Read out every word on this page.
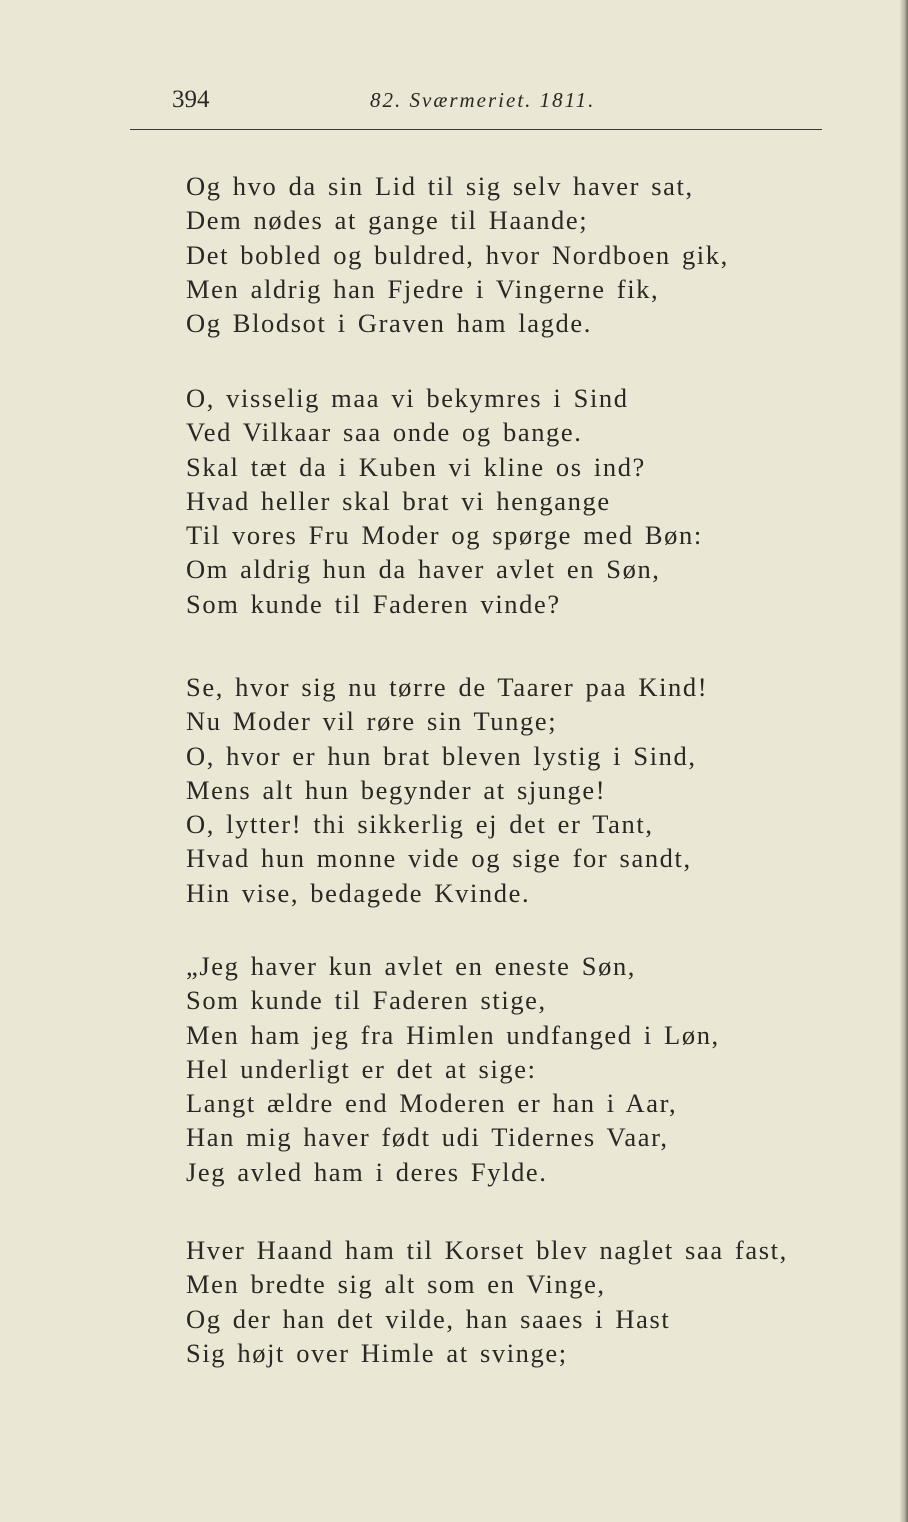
394	82. Sværmeriet. 1811.
Og hvo da sin Lid til sig selv haver sat,
Dem nødes at gange til Haande;
Det bobled og buldred, hvor Nordboen gik,
Men aldrig han Fjedre i Vingerne fik,
Og Blodsot i Graven ham lagde.
O, visselig maa vi bekymres i Sind
Ved Vilkaar saa onde og bange.
Skal tæt da i Kuben vi kline os ind?
Hvad heller skal brat vi hengange
Til vores Fru Moder og spørge med Bøn:
Om aldrig hun da haver avlet en Søn,
Som kunde til Faderen vinde?
Se, hvor sig nu tørre de Taarer paa Kind!
Nu Moder vil røre sin Tunge;
O, hvor er hun brat bleven lystig i Sind,
Mens alt hun begynder at sjunge!
O, lytter! thi sikkerlig ej det er Tant,
Hvad hun monne vide og sige for sandt,
Hin vise, bedagede Kvinde.
„Jeg haver kun avlet en eneste Søn,
Som kunde til Faderen stige,
Men ham jeg fra Himlen undfanged i Løn,
Hel underligt er det at sige:
Langt ældre end Moderen er han i Aar,
Han mig haver født udi Tidernes Vaar,
Jeg avled ham i deres Fylde.
Hver Haand ham til Korset blev naglet saa fast,
Men bredte sig alt som en Vinge,
Og der han det vilde, han saaes i Hast
Sig højt over Himle at svinge;
